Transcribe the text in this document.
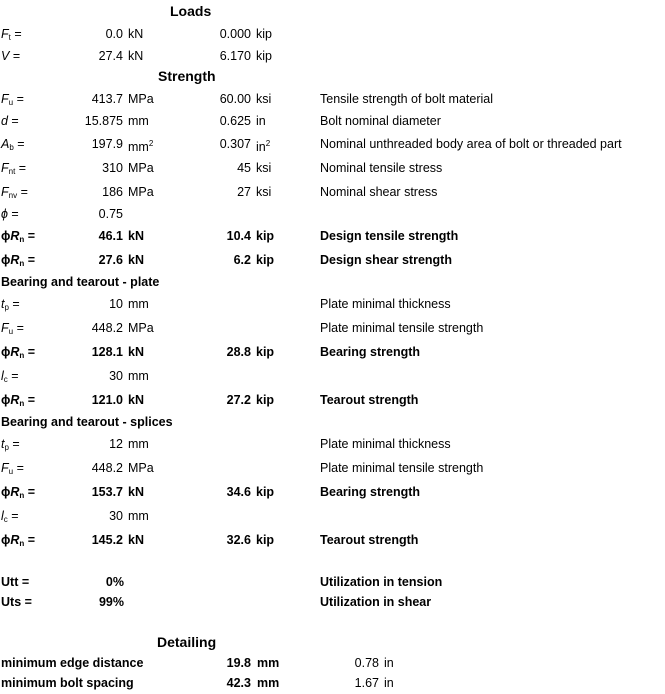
Loads
Strength
Bearing and tearout - plate
Bearing and tearout - splices
Detailing
$F_t$ =	0.0 kN	0.000 kip
V =	27.4 kN	6.170 kip
$F_u$ =	413.7 MPa	60.00 ksi	Tensile strength of bolt material
d =	15.875 mm	0.625 in	Bolt nominal diameter
$A_b$ =	197.9 $mm^2$	0.307 $in^2$	Nominal unthreaded body area of bolt or threaded part
$F_{nt}$ =	310 MPa	45 ksi	Nominal tensile stress
$F_{nv}$ =	186 MPa	27 ksi	Nominal shear stress
ϕ =	0.75
$\phi R_n$ =	46.1 kN	10.4 kip	Design tensile strength
$\phi R_n$ =	27.6 kN	6.2 kip	Design shear strength
$t_p$ =	10 mm	Plate minimal thickness
$F_u$ =	448.2 MPa	Plate minimal tensile strength
$\phi R_n$ =	128.1 kN	28.8 kip	Bearing strength
$l_c$ =	30 mm
$\phi R_n$ =	121.0 kN	27.2 kip	Tearout strength
$t_p$ =	12 mm	Plate minimal thickness
$F_u$ =	448.2 MPa	Plate minimal tensile strength
$\phi R_n$ =	153.7 kN	34.6 kip	Bearing strength
$l_c$ =	30 mm
$\phi R_n$ =	145.2 kN	32.6 kip	Tearout strength
Utt =	0%	Utilization in tension
Uts =	99%	Utilization in shear
minimum edge distance	19.8 mm	0.78 in
minimum bolt spacing	42.3 mm	1.67 in
